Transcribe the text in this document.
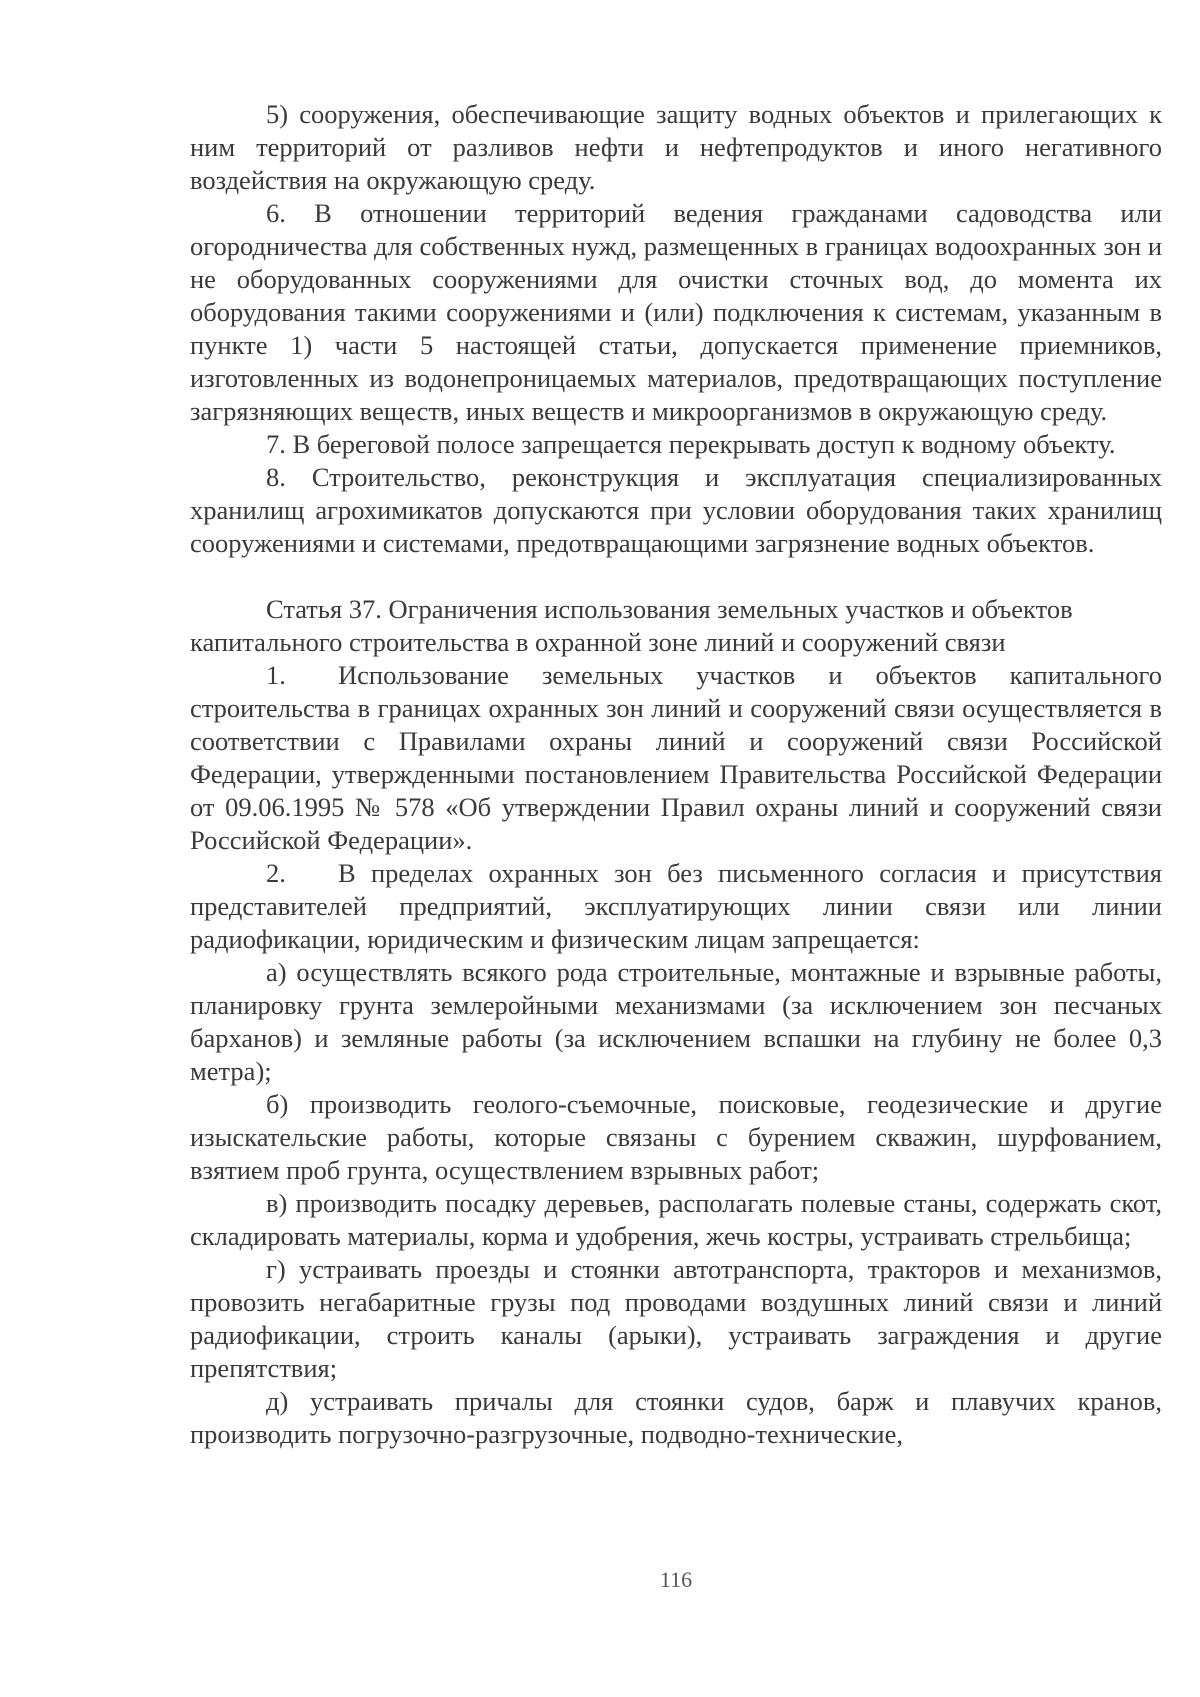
5) сооружения, обеспечивающие защиту водных объектов и прилегающих к ним территорий от разливов нефти и нефтепродуктов и иного негативного воздействия на окружающую среду.

6. В отношении территорий ведения гражданами садоводства или огородничества для собственных нужд, размещенных в границах водоохранных зон и не оборудованных сооружениями для очистки сточных вод, до момента их оборудования такими сооружениями и (или) подключения к системам, указанным в пункте 1) части 5 настоящей статьи, допускается применение приемников, изготовленных из водонепроницаемых материалов, предотвращающих поступление загрязняющих веществ, иных веществ и микроорганизмов в окружающую среду.

7. В береговой полосе запрещается перекрывать доступ к водному объекту.

8. Строительство, реконструкция и эксплуатация специализированных хранилищ агрохимикатов допускаются при условии оборудования таких хранилищ сооружениями и системами, предотвращающими загрязнение водных объектов.

Статья 37. Ограничения использования земельных участков и объектов капитального строительства в охранной зоне линий и сооружений связи

1. Использование земельных участков и объектов капитального строительства в границах охранных зон линий и сооружений связи осуществляется в соответствии с Правилами охраны линий и сооружений связи Российской Федерации, утвержденными постановлением Правительства Российской Федерации от 09.06.1995 № 578 «Об утверждении Правил охраны линий и сооружений связи Российской Федерации».

2. В пределах охранных зон без письменного согласия и присутствия представителей предприятий, эксплуатирующих линии связи или линии радиофикации, юридическим и физическим лицам запрещается:

а) осуществлять всякого рода строительные, монтажные и взрывные работы, планировку грунта землеройными механизмами (за исключением зон песчаных барханов) и земляные работы (за исключением вспашки на глубину не более 0,3 метра);

б) производить геолого-съемочные, поисковые, геодезические и другие изыскательские работы, которые связаны с бурением скважин, шурфованием, взятием проб грунта, осуществлением взрывных работ;

в) производить посадку деревьев, располагать полевые станы, содержать скот, складировать материалы, корма и удобрения, жечь костры, устраивать стрельбища;

г) устраивать проезды и стоянки автотранспорта, тракторов и механизмов, провозить негабаритные грузы под проводами воздушных линий связи и линий радиофикации, строить каналы (арыки), устраивать заграждения и другие препятствия;

д) устраивать причалы для стоянки судов, барж и плавучих кранов, производить погрузочно-разгрузочные, подводно-технические,

116
